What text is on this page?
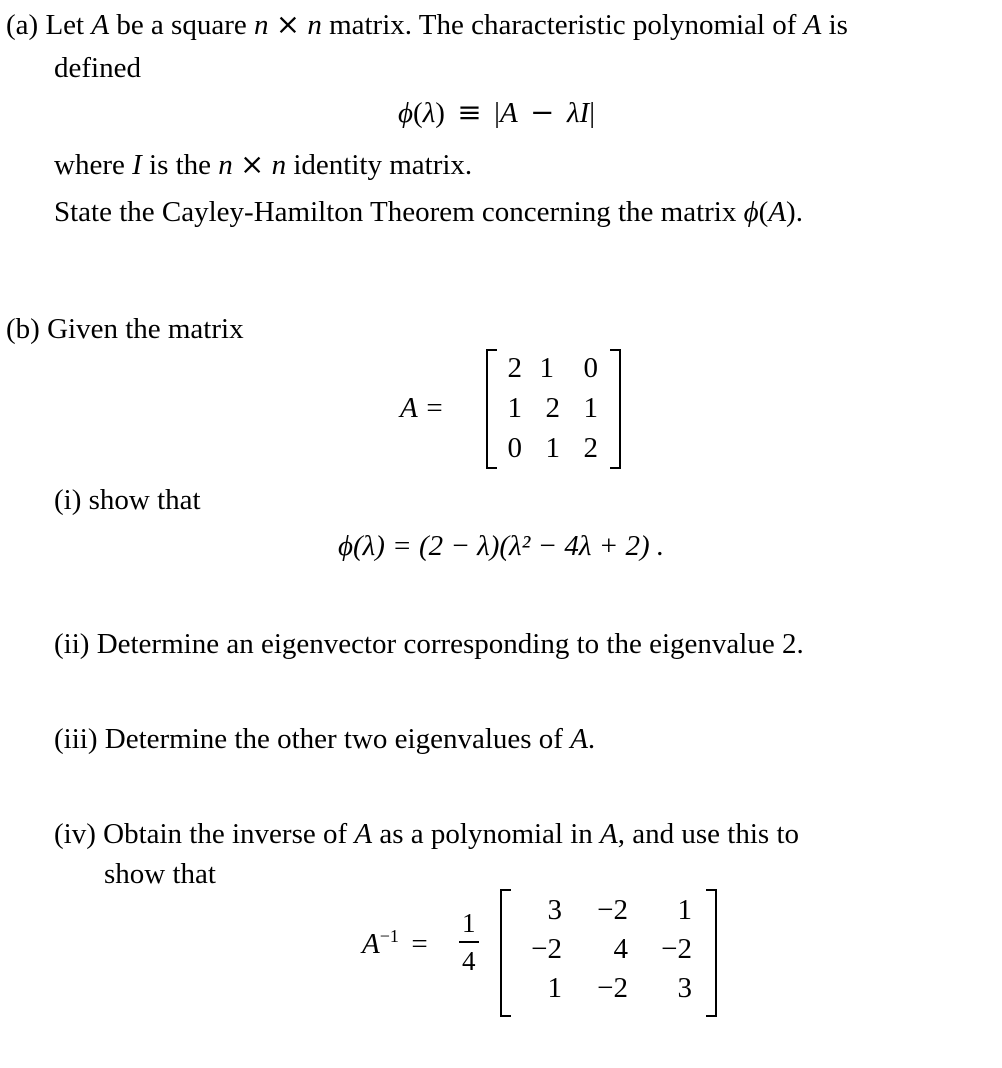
(a) Let A be a square n × n matrix. The characteristic polynomial of A is
defined
ϕ(λ) ≡ |A − λI|
where I is the n × n identity matrix.
State the Cayley-Hamilton Theorem concerning the matrix ϕ(A).
(b) Given the matrix
A =
2 1	0
1 2 1
0 1 2
(i) show that
ϕ(λ) = (2 − λ)(λ² − 4λ + 2) .
(ii) Determine an eigenvector corresponding to the eigenvalue 2.
(iii) Determine the other two eigenvalues of A.
(iv) Obtain the inverse of A as a polynomial in A, and use this to
show that
$A^{-1}$ =
1
4
3	−2	1
−2	4	−2
1	−2	3
